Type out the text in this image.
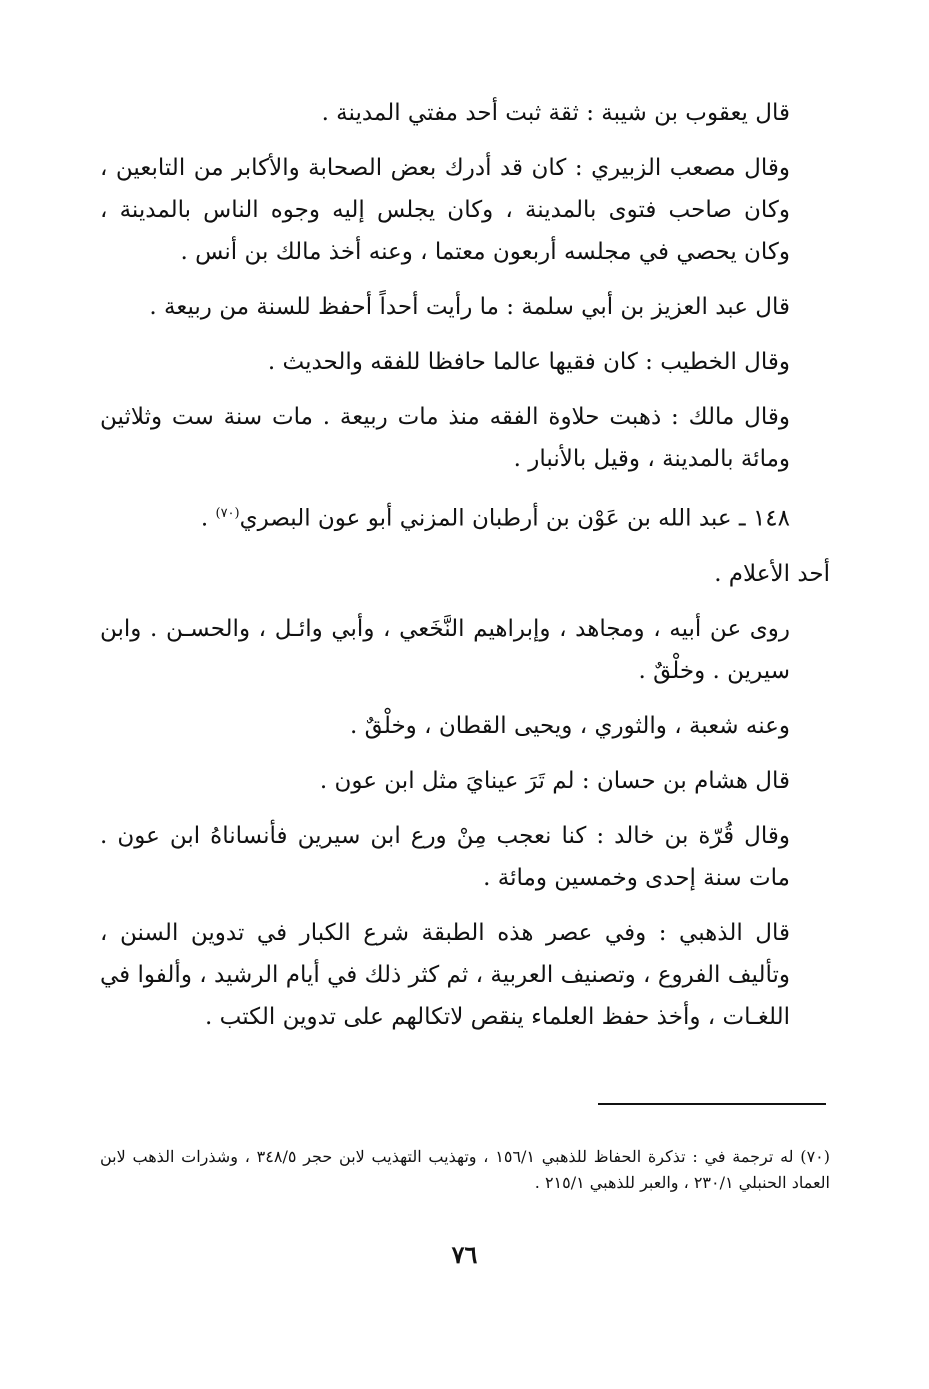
قال يعقوب بن شيبة : ثقة ثبت أحد مفتي المدينة .

وقال مصعب الزبيري : كان قد أدرك بعض الصحابة والأكابر من التابعين ، وكان صاحب فتوى بالمدينة ، وكان يجلس إليه وجوه الناس بالمدينة ، وكان يحصي في مجلسه أربعون معتما ، وعنه أخذ مالك بن أنس .

قال عبد العزيز بن أبي سلمة : ما رأيت أحداً أحفظ للسنة من ربيعة .

وقال الخطيب : كان فقيها عالما حافظا للفقه والحديث .

وقال مالك : ذهبت حلاوة الفقه منذ مات ربيعة . مات سنة ست وثلاثين ومائة بالمدينة ، وقيل بالأنبار .

١٤٨ ـ عبد الله بن عَوْن بن أرطبان المزني أبو عون البصري$^{(٧٠)}$ .

أحد الأعلام .

روى عن أبيه ، ومجاهد ، وإبراهيم النَّخَعي ، وأبي وائـل ، والحسـن . وابن سيرين . وخلْقٌ .

وعنه شعبة ، والثوري ، ويحيى القطان ، وخلْقٌ .

قال هشام بن حسان : لم تَرَ عينايَ مثل ابن عون .

وقال قُرّة بن خالد : كنا نعجب مِنْ ورع ابن سيرين فأنساناهُ ابن عون . مات سنة إحدى وخمسين ومائة .

قال الذهبي : وفي عصر هذه الطبقة شرع الكبار في تدوين السنن ، وتأليف الفروع ، وتصنيف العربية ، ثم كثر ذلك في أيام الرشيد ، وألفوا في اللغـات ، وأخذ حفظ العلماء ينقص لاتكالهم على تدوين الكتب .

(٧٠) له ترجمة في : تذكرة الحفاظ للذهبي ١٥٦/١ ، وتهذيب التهذيب لابن حجر ٣٤٨/٥ ، وشذرات الذهب لابن العماد الحنبلي ٢٣٠/١ ، والعبر للذهبي ٢١٥/١ .

٧٦
